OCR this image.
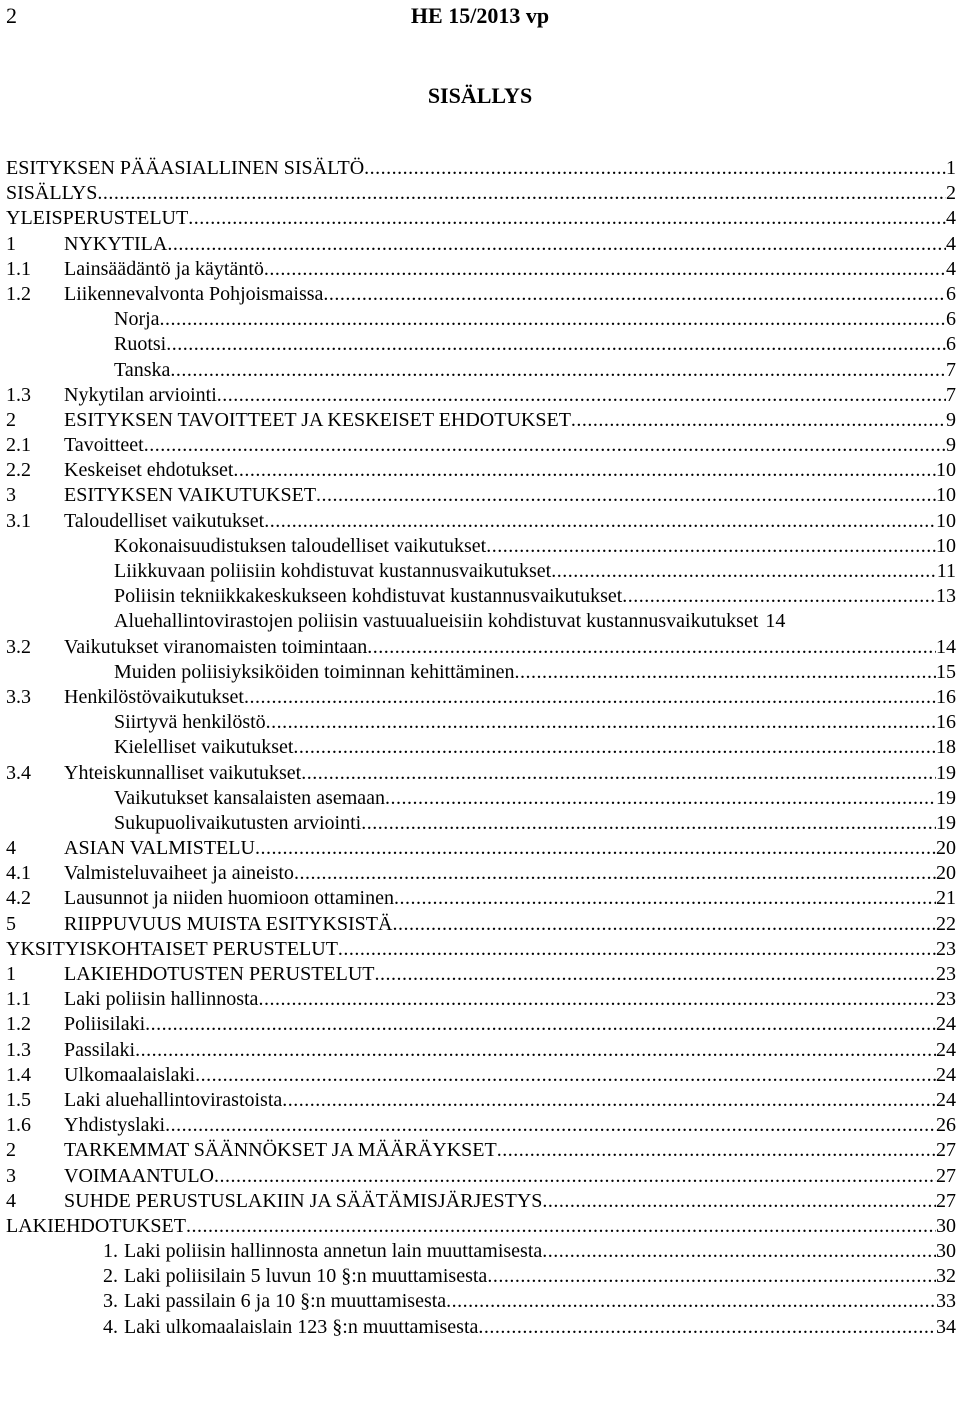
2	HE 15/2013 vp
SISÄLLYS
ESITYKSEN PÄÄASIALLINEN SISÄLTÖ .....	1
SISÄLLYS .....	2
YLEISPERUSTELUT .....	4
1	NYKYTILA .....	4
1.1	Lainsäädäntö ja käytäntö .....	4
1.2	Liikennevalvonta Pohjoismaissa .....	6
Norja .....	6
Ruotsi .....	6
Tanska .....	7
1.3	Nykytilan arviointi .....	7
2	ESITYKSEN TAVOITTEET JA KESKEISET EHDOTUKSET .....	9
2.1	Tavoitteet .....	9
2.2	Keskeiset ehdotukset .....	10
3	ESITYKSEN VAIKUTUKSET .....	10
3.1	Taloudelliset vaikutukset .....	10
Kokonaisuudistuksen taloudelliset vaikutukset .....	10
Liikkuvaan poliisiin kohdistuvat kustannusvaikutukset .....	11
Poliisin tekniikkakeskukseen kohdistuvat kustannusvaikutukset .....	13
Aluehallintovirastojen poliisin vastuualueisiin kohdistuvat kustannusvaikutukset 14
3.2	Vaikutukset viranomaisten toimintaan .....	14
Muiden poliisiyksiköiden toiminnan kehittäminen .....	15
3.3	Henkilöstövaikutukset .....	16
Siirtyvä henkilöstö .....	16
Kielelliset vaikutukset .....	18
3.4	Yhteiskunnalliset vaikutukset .....	19
Vaikutukset kansalaisten asemaan .....	19
Sukupuolivaikutusten arviointi .....	19
4	ASIAN VALMISTELU .....	20
4.1	Valmisteluvaiheet ja aineisto .....	20
4.2	Lausunnot ja niiden huomioon ottaminen .....	21
5	RIIPPUVUUS MUISTA ESITYKSISTÄ .....	22
YKSITYISKOHTAISET PERUSTELUT .....	23
1	LAKIEHDOTUSTEN PERUSTELUT .....	23
1.1	Laki poliisin hallinnosta .....	23
1.2	Poliisilaki .....	24
1.3	Passilaki .....	24
1.4	Ulkomaalaislaki .....	24
1.5	Laki aluehallintovirastoista .....	24
1.6	Yhdistyslaki .....	26
2	TARKEMMAT SÄÄNNÖKSET JA MÄÄRÄYKSET .....	27
3	VOIMAANTULO .....	27
4	SUHDE PERUSTUSLAKIIN JA SÄÄTÄMISJÄRJESTYS .....	27
LAKIEHDOTUKSET .....	30
1. Laki poliisin hallinnosta annetun lain muuttamisesta .....	30
2. Laki poliisilain 5 luvun 10 §:n muuttamisesta .....	32
3. Laki passilain 6 ja 10 §:n muuttamisesta .....	33
4. Laki ulkomaalaislain 123 §:n muuttamisesta .....	34
